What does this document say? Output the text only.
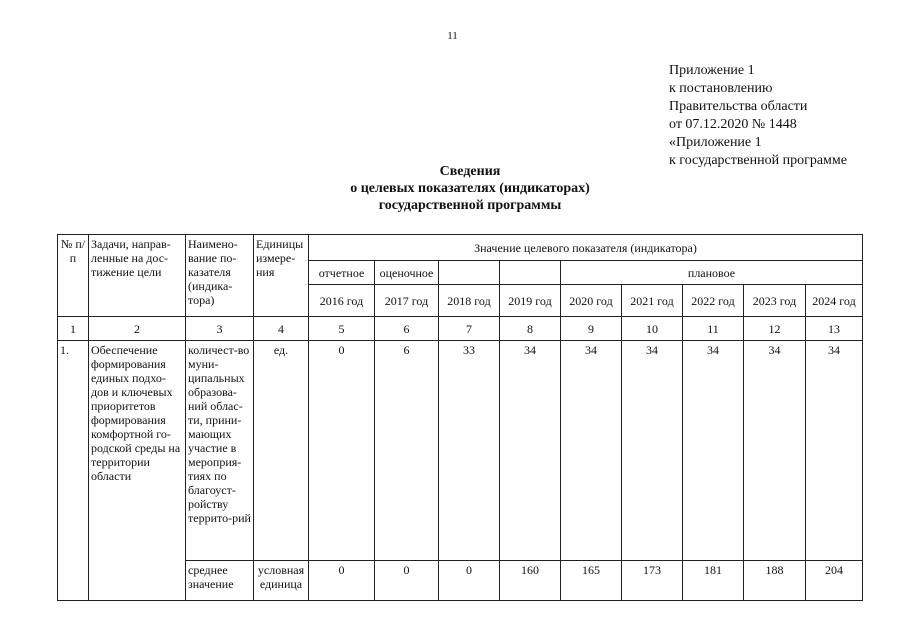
11
Приложение 1
к постановлению
Правительства области
от 07.12.2020 № 1448
«Приложение 1
к государственной программе
Сведения
о целевых показателях (индикаторах)
государственной программы
№ п/п	Задачи, направ-ленные на дос-тижение цели	Наимено-вание по-казателя (индика-тора)	Единицы измере-ния	Значение целевого показателя (индикатора)								
				отчетное	оценочное			плановое				
				2016 год	2017 год	2018 год	2019 год	2020 год	2021 год	2022 год	2023 год	2024 год
1	2	3	4	5	6	7	8	9	10	11	12	13
1.	Обеспечение формирования единых подхо-дов и ключевых приоритетов формирования комфортной го-родской среды на территории области	количест-во муни-ципальных образова-ний облас-ти, прини-мающих участие в мероприя-тиях по благоуст-ройству террито-рий	ед.	0	6	33	34	34	34	34	34	34
		среднее значение	условная единица	0	0	0	160	165	173	181	188	204
